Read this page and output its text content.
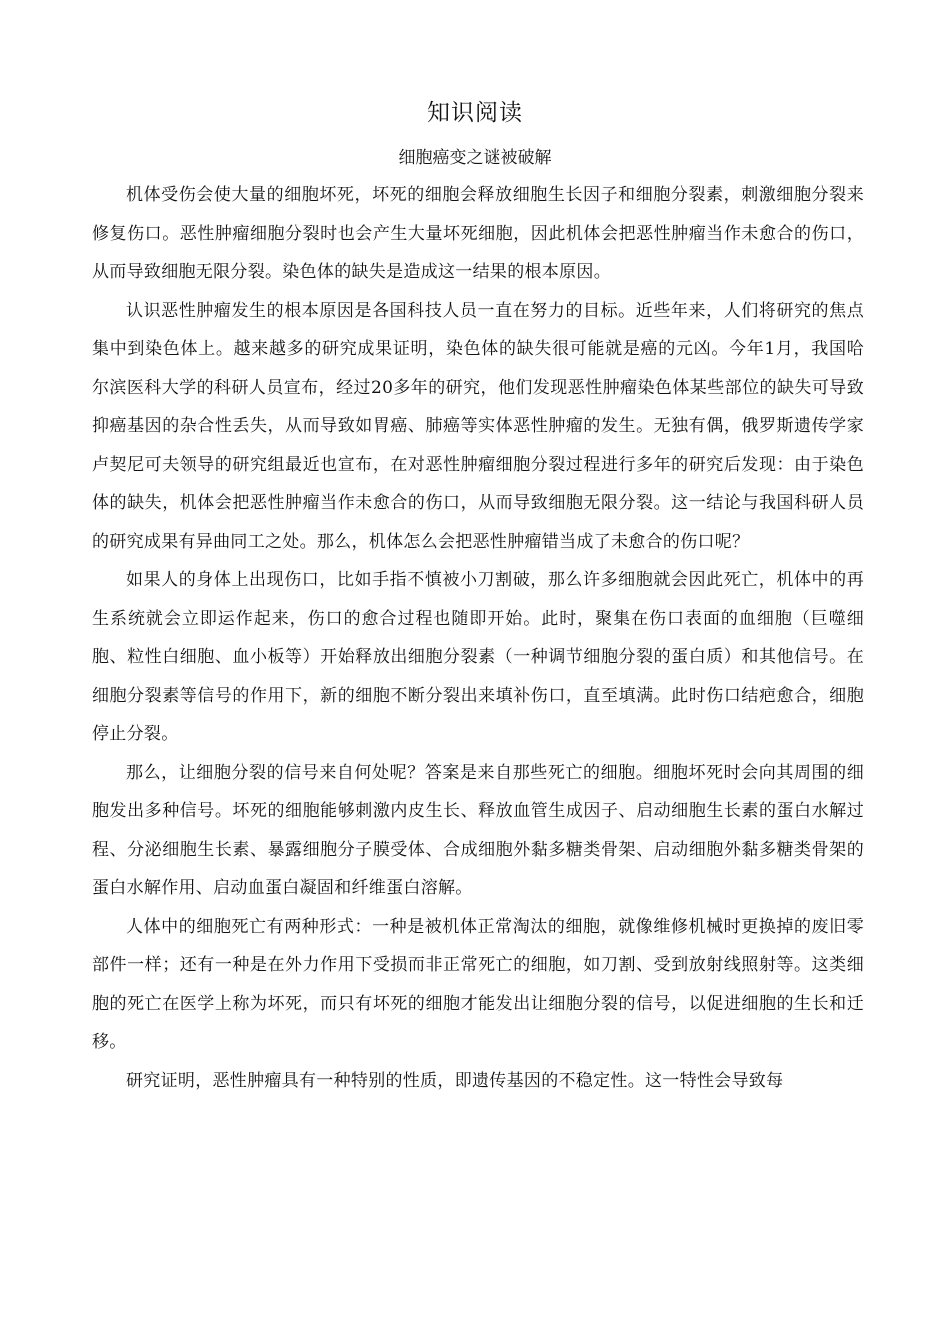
知识阅读
细胞癌变之谜被破解

机体受伤会使大量的细胞坏死，坏死的细胞会释放细胞生长因子和细胞分裂素，刺激细胞分裂来修复伤口。恶性肿瘤细胞分裂时也会产生大量坏死细胞，因此机体会把恶性肿瘤当作未愈合的伤口，从而导致细胞无限分裂。染色体的缺失是造成这一结果的根本原因。

认识恶性肿瘤发生的根本原因是各国科技人员一直在努力的目标。近些年来，人们将研究的焦点集中到染色体上。越来越多的研究成果证明，染色体的缺失很可能就是癌的元凶。今年1月，我国哈尔滨医科大学的科研人员宣布，经过20多年的研究，他们发现恶性肿瘤染色体某些部位的缺失可导致抑癌基因的杂合性丢失，从而导致如胃癌、肺癌等实体恶性肿瘤的发生。无独有偶，俄罗斯遗传学家卢契尼可夫领导的研究组最近也宣布，在对恶性肿瘤细胞分裂过程进行多年的研究后发现：由于染色体的缺失，机体会把恶性肿瘤当作未愈合的伤口，从而导致细胞无限分裂。这一结论与我国科研人员的研究成果有异曲同工之处。那么，机体怎么会把恶性肿瘤错当成了未愈合的伤口呢？

如果人的身体上出现伤口，比如手指不慎被小刀割破，那么许多细胞就会因此死亡，机体中的再生系统就会立即运作起来，伤口的愈合过程也随即开始。此时，聚集在伤口表面的血细胞（巨噬细胞、粒性白细胞、血小板等）开始释放出细胞分裂素（一种调节细胞分裂的蛋白质）和其他信号。在细胞分裂素等信号的作用下，新的细胞不断分裂出来填补伤口，直至填满。此时伤口结疤愈合，细胞停止分裂。

那么，让细胞分裂的信号来自何处呢？答案是来自那些死亡的细胞。细胞坏死时会向其周围的细胞发出多种信号。坏死的细胞能够刺激内皮生长、释放血管生成因子、启动细胞生长素的蛋白水解过程、分泌细胞生长素、暴露细胞分子膜受体、合成细胞外黏多糖类骨架、启动细胞外黏多糖类骨架的蛋白水解作用、启动血蛋白凝固和纤维蛋白溶解。

人体中的细胞死亡有两种形式：一种是被机体正常淘汰的细胞，就像维修机械时更换掉的废旧零部件一样；还有一种是在外力作用下受损而非正常死亡的细胞，如刀割、受到放射线照射等。这类细胞的死亡在医学上称为坏死，而只有坏死的细胞才能发出让细胞分裂的信号，以促进细胞的生长和迁移。

研究证明，恶性肿瘤具有一种特别的性质，即遗传基因的不稳定性。这一特性会导致每
